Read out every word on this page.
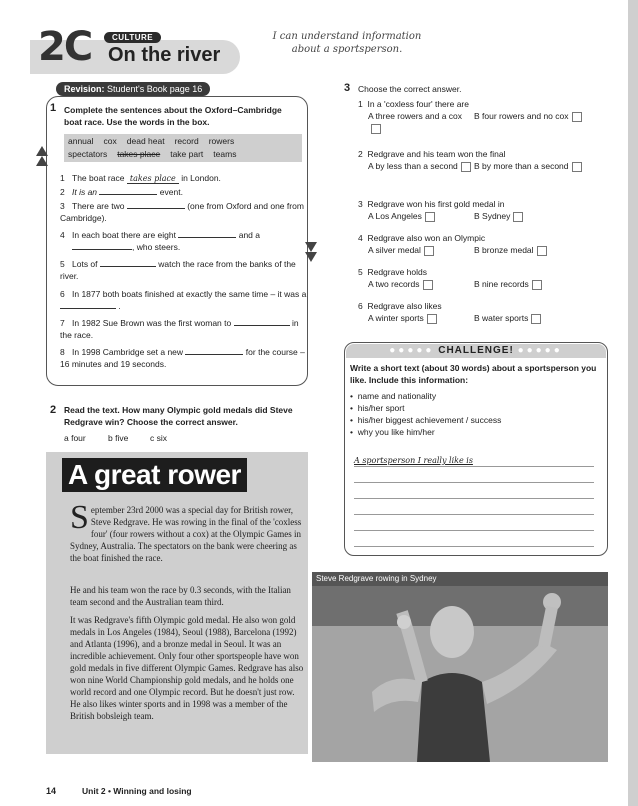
2C	CULTURE
On the river
I can understand information about a sportsperson.
Revision: Student's Book page 16
1 Complete the sentences about the Oxford–Cambridge boat race. Use the words in the box.
annual cox dead heat record rowers
spectators takes place take part teams
1 The boat race takes place in London.
2 It is an	event.
3 There are two	(one from Oxford and one from Cambridge).
4 In each boat there are eight	and a
, who steers.
5 Lots of	watch the race from the banks of the river.
6 In 1877 both boats finished at exactly the same time – it was a  .
7 In 1982 Sue Brown was the first woman to	in the race.
8 In 1998 Cambridge set a new	for the course – 16 minutes and 19 seconds.
2 Read the text. How many Olympic gold medals did Steve Redgrave win? Choose the correct answer.
a four	b five	c six
A great rower
September 23rd 2000 was a special day for British rower, Steve Redgrave. He was rowing in the final of the 'coxless four' (four rowers without a cox) at the Olympic Games in Sydney, Australia. The spectators on the bank were cheering as the boat finished the race.
He and his team won the race by 0.3 seconds, with the Italian team second and the Australian team third.
It was Redgrave's fifth Olympic gold medal. He also won gold medals in Los Angeles (1984), Seoul (1988), Barcelona (1992) and Atlanta (1996), and a bronze medal in Seoul. It was an incredible achievement. Only four other sportspeople have won gold medals in five different Olympic Games. Redgrave has also won nine World Championship gold medals, and he holds one world record and one Olympic record. But he doesn't just row. He also likes winter sports and in 1998 was a member of the British bobsleigh team.
3 Choose the correct answer.
1 In a 'coxless four' there are
A three rowers and a cox	B four rowers and no cox
2 Redgrave and his team won the final
A by less than a second	B by more than a second
3 Redgrave won his first gold medal in
A Los Angeles	B Sydney
4 Redgrave also won an Olympic
A silver medal	B bronze medal
5 Redgrave holds
A two records	B nine records
6 Redgrave also likes
A winter sports	B water sports
●●●●● CHALLENGE! ●●●●●
Write a short text (about 30 words) about a sportsperson you like. Include this information:
•  name and nationality
•  his/her sport
•  his/her biggest achievement / success
•  why you like him/her
A sportsperson I really like is
Steve Redgrave rowing in Sydney
14	Unit 2 • Winning and losing
